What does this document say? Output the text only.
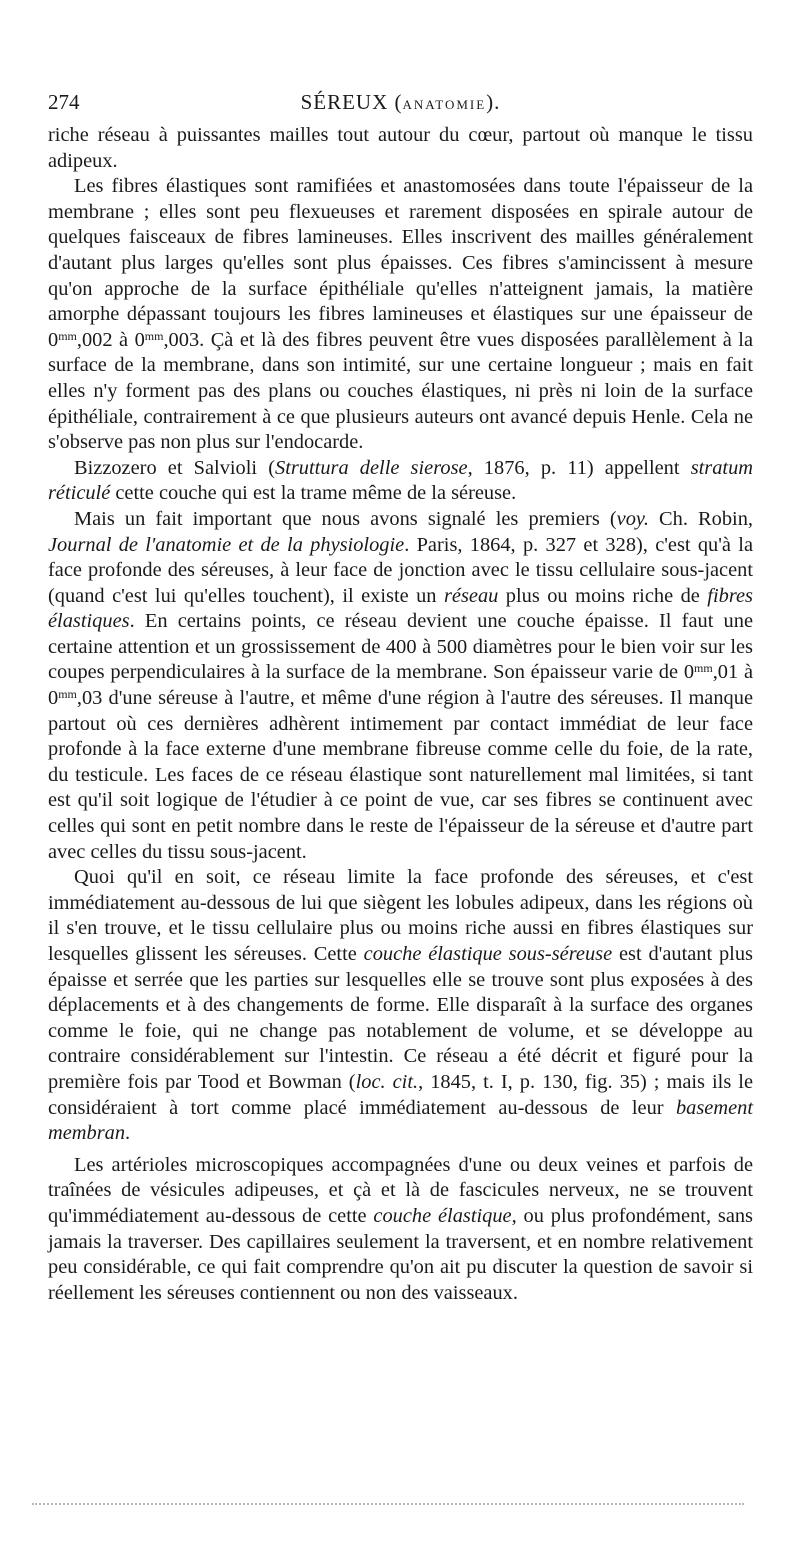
274	SÉREUX (ANATOMIE).

riche réseau à puissantes mailles tout autour du cœur, partout où manque le tissu adipeux.

Les fibres élastiques sont ramifiées et anastomosées dans toute l'épaisseur de la membrane ; elles sont peu flexueuses et rarement disposées en spirale autour de quelques faisceaux de fibres lamineuses. Elles inscrivent des mailles généralement d'autant plus larges qu'elles sont plus épaisses. Ces fibres s'amincissent à mesure qu'on approche de la surface épithéliale qu'elles n'atteignent jamais, la matière amorphe dépassant toujours les fibres lamineuses et élastiques sur une épaisseur de $0^{mm},002$ à $0^{mm},003$. Çà et là des fibres peuvent être vues disposées parallèlement à la surface de la membrane, dans son intimité, sur une certaine longueur ; mais en fait elles n'y forment pas des plans ou couches élastiques, ni près ni loin de la surface épithéliale, contrairement à ce que plusieurs auteurs ont avancé depuis Henle. Cela ne s'observe pas non plus sur l'endocarde.

Bizzozero et Salvioli (Struttura delle sierose, 1876, p. 11) appellent stratum réticulé cette couche qui est la trame même de la séreuse.

Mais un fait important que nous avons signalé les premiers (voy. Ch. Robin, Journal de l'anatomie et de la physiologie. Paris, 1864, p. 327 et 328), c'est qu'à la face profonde des séreuses, à leur face de jonction avec le tissu cellulaire sous-jacent (quand c'est lui qu'elles touchent), il existe un réseau plus ou moins riche de fibres élastiques. En certains points, ce réseau devient une couche épaisse. Il faut une certaine attention et un grossissement de 400 à 500 diamètres pour le bien voir sur les coupes perpendiculaires à la surface de la membrane. Son épaisseur varie de $0^{mm},01$ à $0^{mm},03$ d'une séreuse à l'autre, et même d'une région à l'autre des séreuses. Il manque partout où ces dernières adhèrent intimement par contact immédiat de leur face profonde à la face externe d'une membrane fibreuse comme celle du foie, de la rate, du testicule. Les faces de ce réseau élastique sont naturellement mal limitées, si tant est qu'il soit logique de l'étudier à ce point de vue, car ses fibres se continuent avec celles qui sont en petit nombre dans le reste de l'épaisseur de la séreuse et d'autre part avec celles du tissu sous-jacent.

Quoi qu'il en soit, ce réseau limite la face profonde des séreuses, et c'est immédiatement au-dessous de lui que siègent les lobules adipeux, dans les régions où il s'en trouve, et le tissu cellulaire plus ou moins riche aussi en fibres élastiques sur lesquelles glissent les séreuses. Cette couche élastique sous-séreuse est d'autant plus épaisse et serrée que les parties sur lesquelles elle se trouve sont plus exposées à des déplacements et à des changements de forme. Elle disparaît à la surface des organes comme le foie, qui ne change pas notablement de volume, et se développe au contraire considérablement sur l'intestin. Ce réseau a été décrit et figuré pour la première fois par Tood et Bowman (loc. cit., 1845, t. I, p. 130, fig. 35) ; mais ils le considéraient à tort comme placé immédiatement au-dessous de leur basement membran.

Les artérioles microscopiques accompagnées d'une ou deux veines et parfois de traînées de vésicules adipeuses, et çà et là de fascicules nerveux, ne se trouvent qu'immédiatement au-dessous de cette couche élastique, ou plus profondément, sans jamais la traverser. Des capillaires seulement la traversent, et en nombre relativement peu considérable, ce qui fait comprendre qu'on ait pu discuter la question de savoir si réellement les séreuses contiennent ou non des vaisseaux.
